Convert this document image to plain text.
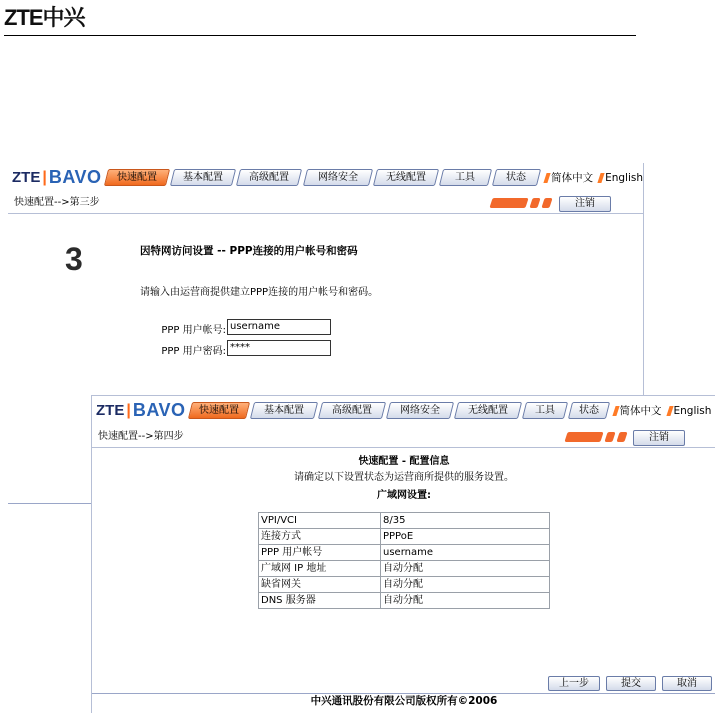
ZTE中兴
ZTE | BAVO	快速配置	基本配置	高级配置	网络安全	无线配置	工具	状态	简体中文 English
快速配置-->第三步	注销
3	因特网访问设置 -- PPP连接的用户帐号和密码
请输入由运营商提供建立PPP连接的用户帐号和密码。
PPP 用户帐号: username
PPP 用户密码: ****
ZTE | BAVO	快速配置	基本配置	高级配置	网络安全	无线配置	工具	状态	简体中文 English
快速配置-->第四步	注销
快速配置 - 配置信息
请确定以下设置状态为运营商所提供的服务设置。
广域网设置:
VPI/VCI	8/35
连接方式	PPPoE
PPP 用户帐号	username
广域网 IP 地址	自动分配
缺省网关	自动分配
DNS 服务器	自动分配
上一步	提交	取消
中兴通讯股份有限公司版权所有©2006
